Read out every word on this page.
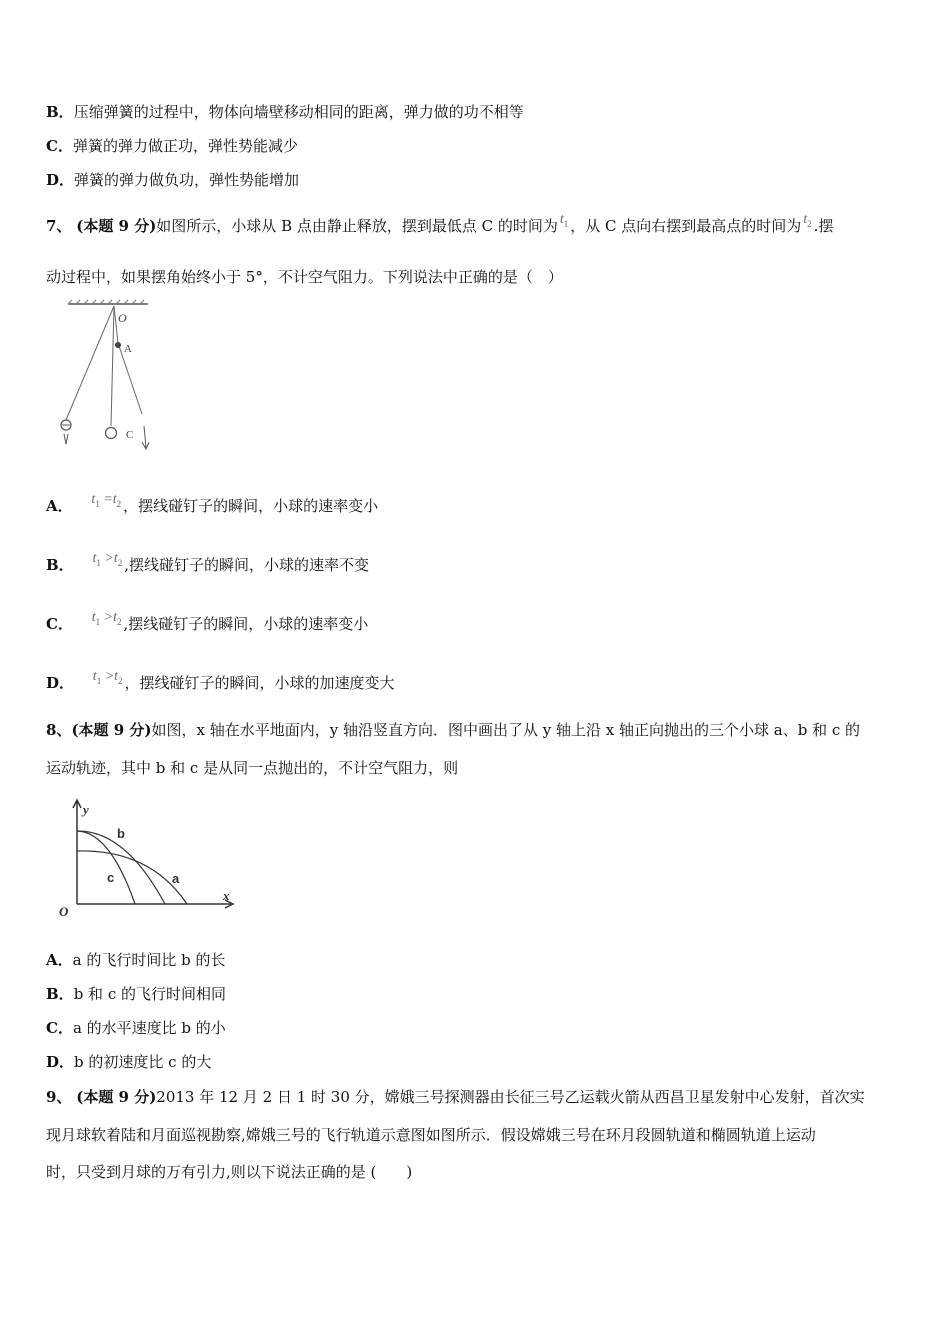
B．压缩弹簧的过程中，物体向墙壁移动相同的距离，弹力做的功不相等
C．弹簧的弹力做正功，弹性势能减少
D．弹簧的弹力做负功，弹性势能增加
7、 (本题 9 分)如图所示，小球从 B 点由静止释放，摆到最低点 C 的时间为 $t_1$ ，从 C 点向右摆到最高点的时间为 $t_2$ .摆
动过程中，如果摆角始终小于 5°，不计空气阻力。下列说法中正确的是（　）
O
A
C
A． $t_1 =t_2$ ，摆线碰钉子的瞬间，小球的速率变小
B． $t_1 >t_2$ ,摆线碰钉子的瞬间，小球的速率不变
C． $t_1 >t_2$ ,摆线碰钉子的瞬间，小球的速率变小
D． $t_1 >t_2$ ，摆线碰钉子的瞬间，小球的加速度变大
8、(本题 9 分)如图，x 轴在水平地面内，y 轴沿竖直方向．图中画出了从 y 轴上沿 x 轴正向抛出的三个小球 a、b 和 c 的
运动轨迹，其中 b 和 c 是从同一点抛出的，不计空气阻力，则
y
x
O
b
c	a
A．a 的飞行时间比 b 的长
B．b 和 c 的飞行时间相同
C．a 的水平速度比 b 的小
D．b 的初速度比 c 的大
9、 (本题 9 分)2013 年 12 月 2 日 1 时 30 分，嫦娥三号探测器由长征三号乙运载火箭从西昌卫星发射中心发射，首次实
现月球软着陆和月面巡视勘察,嫦娥三号的飞行轨道示意图如图所示．假设嫦娥三号在环月段圆轨道和椭圆轨道上运动
时，只受到月球的万有引力,则以下说法正确的是 (　　)
